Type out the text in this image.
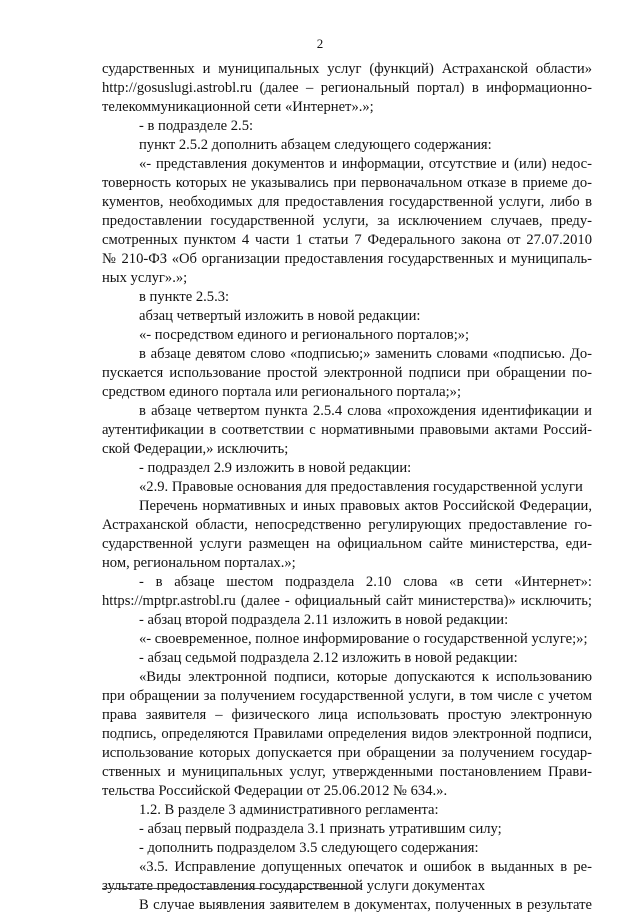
2
сударственных и муниципальных услуг (функций) Астраханской области»
http://gosuslugi.astrobl.ru (далее – региональный портал) в информационно-
телекоммуникационной сети «Интернет».»;
- в подразделе 2.5:
пункт 2.5.2 дополнить абзацем следующего содержания:
«- представления документов и информации, отсутствие и (или) недос-
товерность которых не указывались при первоначальном отказе в приеме до-
кументов, необходимых для предоставления государственной услуги, либо в
предоставлении государственной услуги, за исключением случаев, преду-
смотренных пунктом 4 части 1 статьи 7 Федерального закона от 27.07.2010
№ 210-ФЗ «Об организации предоставления государственных и муниципаль-
ных услуг».»;
в пункте 2.5.3:
абзац четвертый изложить в новой редакции:
«- посредством единого и регионального порталов;»;
в абзаце девятом слово «подписью;» заменить словами «подписью. До-
пускается использование простой электронной подписи при обращении по-
средством единого портала или регионального портала;»;
в абзаце четвертом пункта 2.5.4 слова «прохождения идентификации и
аутентификации в соответствии с нормативными правовыми актами Россий-
ской Федерации,» исключить;
- подраздел 2.9 изложить в новой редакции:
«2.9. Правовые основания для предоставления государственной услуги
Перечень нормативных и иных правовых актов Российской Федерации,
Астраханской области, непосредственно регулирующих предоставление го-
сударственной услуги размещен на официальном сайте министерства, еди-
ном, региональном порталах.»;
- в абзаце шестом подраздела 2.10 слова «в сети «Интернет»:
https://mptpr.astrobl.ru (далее - официальный сайт министерства)» исключить;
- абзац второй подраздела 2.11 изложить в новой редакции:
«- своевременное, полное информирование о государственной услуге;»;
- абзац седьмой подраздела 2.12 изложить в новой редакции:
«Виды электронной подписи, которые допускаются к использованию
при обращении за получением государственной услуги, в том числе с учетом
права заявителя – физического лица использовать простую электронную
подпись, определяются Правилами определения видов электронной подписи,
использование которых допускается при обращении за получением государ-
ственных и муниципальных услуг, утвержденными постановлением Прави-
тельства Российской Федерации от 25.06.2012 № 634.».
1.2. В разделе 3 административного регламента:
- абзац первый подраздела 3.1 признать утратившим силу;
- дополнить подразделом 3.5 следующего содержания:
«3.5. Исправление допущенных опечаток и ошибок в выданных в ре-
зультате предоставления государственной услуги документах
В случае выявления заявителем в документах, полученных в результате
